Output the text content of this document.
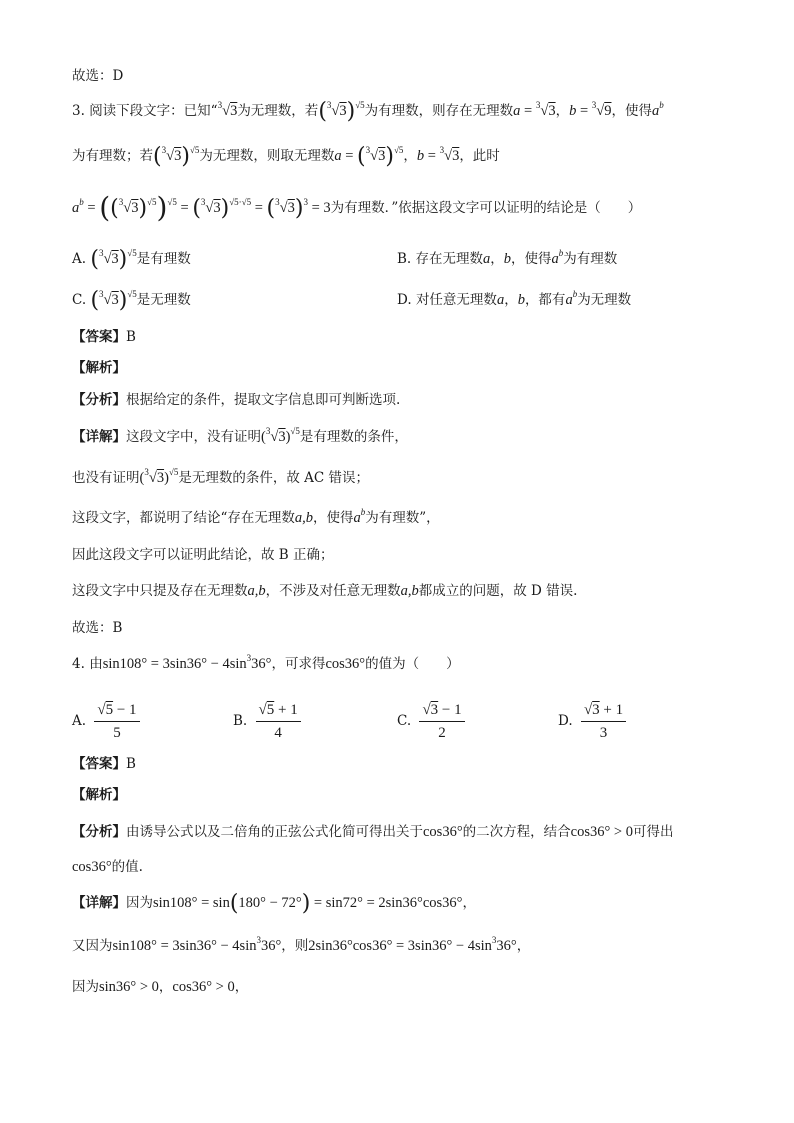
故选：D
3. 阅读下段文字：已知“$^3$√3为无理数，若$(^3√3)^{√5}$为有理数，则存在无理数a = $^3$√3，b = $^3$√9，使得$a^b$
为有理数；若$(^3√3)^{√5}$为无理数，则取无理数$a = (^3√3)^{√5}$，b = $^3$√3，此时
$a^b = ((^3√3)^{√5})^{√5} = (^3√3)^{√5\cdot√5} = (^3√3)^3 = 3$为有理数．”依据这段文字可以证明的结论是（　　）
A. $(^3√3)^{√5}$是有理数	B. 存在无理数a，b，使得$a^b$为有理数
C. $(^3√3)^{√5}$是无理数	D. 对任意无理数a，b，都有$a^b$为无理数
【答案】B
【解析】
【分析】根据给定的条件，提取文字信息即可判断选项.
【详解】这段文字中，没有证明$(^3√3)^{√5}$是有理数的条件，
也没有证明$(^3√3)^{√5}$是无理数的条件，故 AC 错误；
这段文字，都说明了结论“存在无理数a,b，使得$a^b$为有理数”，
因此这段文字可以证明此结论，故 B 正确；
这段文字中只提及存在无理数a,b，不涉及对任意无理数a,b都成立的问题，故 D 错误.
故选：B
4. 由$\sin 108^\circ = 3\sin 36^\circ - 4\sin^336^\circ$，可求得cos36°的值为（　　）
A. $\frac{√5 - 1}{5}$	B. $\frac{√5 + 1}{4}$	C. $\frac{√3 - 1}{2}$	D. $\frac{√3 + 1}{3}$
【答案】B
【解析】
【分析】由诱导公式以及二倍角的正弦公式化简可得出关于cos36°的二次方程，结合cos36° > 0可得出
cos36°的值.
【详解】因为sin108° = sin(180° − 72°) = sin72° = 2sin36°cos36°，
又因为$\sin 108^\circ = 3\sin 36^\circ - 4\sin^336^\circ$，则$2\sin 36^\circ\cos 36^\circ = 3\sin 36^\circ - 4\sin^336^\circ$，
因为sin36° > 0，cos36° > 0，
